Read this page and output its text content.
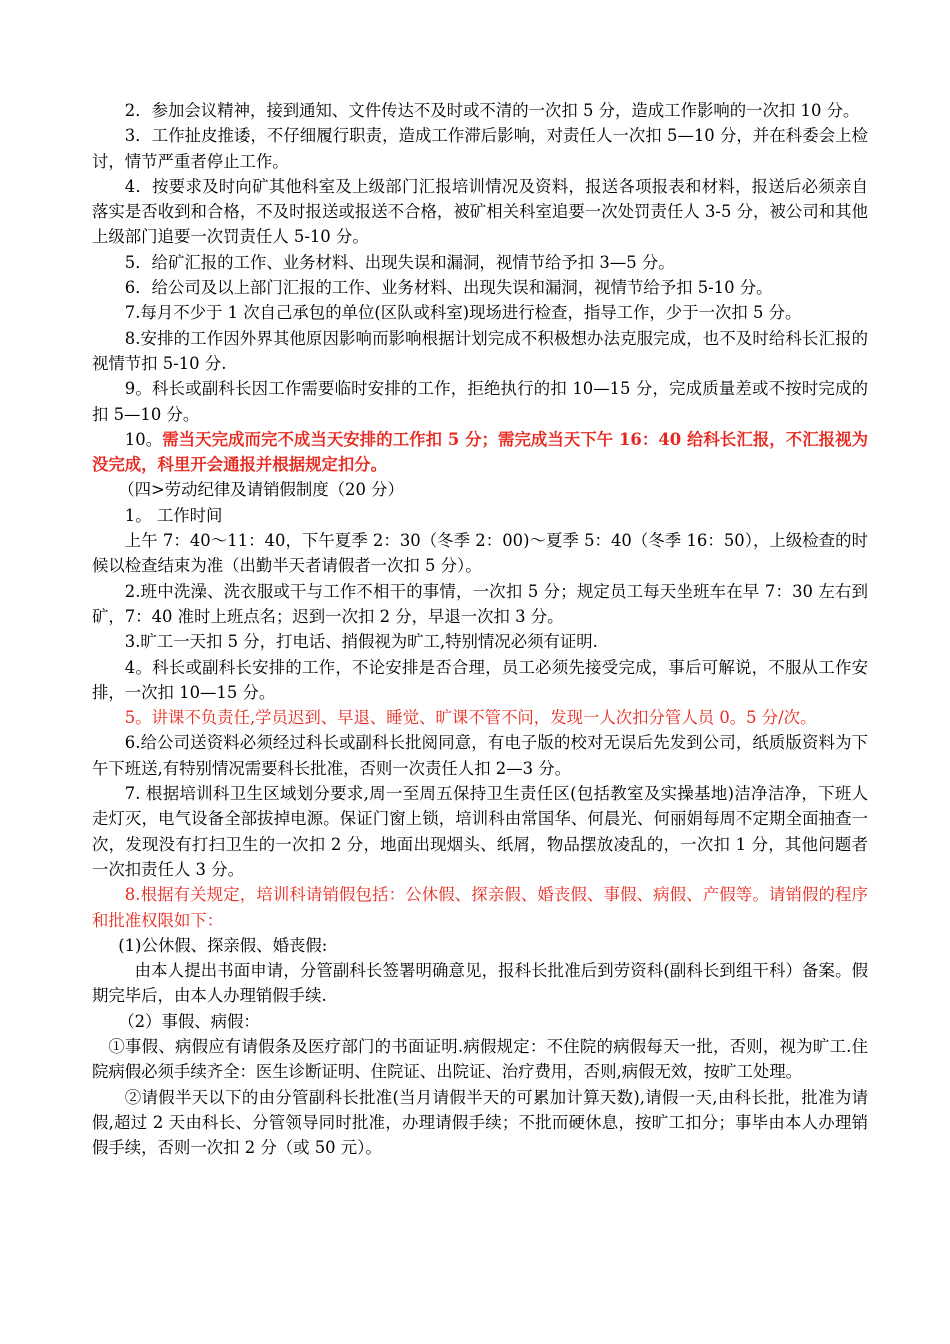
2．参加会议精神，接到通知、文件传达不及时或不清的一次扣 5 分，造成工作影响的一次扣 10 分。

3．工作扯皮推诿，不仔细履行职责，造成工作滞后影响，对责任人一次扣 5—10 分，并在科委会上检讨，情节严重者停止工作。

4．按要求及时向矿其他科室及上级部门汇报培训情况及资料，报送各项报表和材料，报送后必须亲自落实是否收到和合格，不及时报送或报送不合格，被矿相关科室追要一次处罚责任人 3-5 分，被公司和其他上级部门追要一次罚责任人 5-10 分。

5．给矿汇报的工作、业务材料、出现失误和漏洞，视情节给予扣 3—5 分。

6．给公司及以上部门汇报的工作、业务材料、出现失误和漏洞，视情节给予扣 5-10 分。

7.每月不少于 1 次自己承包的单位(区队或科室)现场进行检查，指导工作，少于一次扣 5 分。

8.安排的工作因外界其他原因影响而影响根据计划完成不积极想办法克服完成，也不及时给科长汇报的视情节扣 5-10 分.

9。科长或副科长因工作需要临时安排的工作，拒绝执行的扣 10—15 分，完成质量差或不按时完成的扣 5—10 分。

10。需当天完成而完不成当天安排的工作扣 5 分；需完成当天下午 16：40 给科长汇报，不汇报视为没完成，科里开会通报并根据规定扣分。

（四>劳动纪律及请销假制度（20 分）

1。 工作时间

上午 7：40～11：40，下午夏季 2：30（冬季 2：00)～夏季 5：40（冬季 16：50），上级检查的时候以检查结束为准（出勤半天者请假者一次扣 5 分）。

2.班中洗澡、洗衣服或干与工作不相干的事情，一次扣 5 分；规定员工每天坐班车在早 7：30 左右到矿，7：40 准时上班点名；迟到一次扣 2 分，早退一次扣 3 分。

3.旷工一天扣 5 分，打电话、捎假视为旷工,特别情况必须有证明.

4。科长或副科长安排的工作，不论安排是否合理，员工必须先接受完成，事后可解说，不服从工作安排，一次扣 10—15 分。

5。讲课不负责任,学员迟到、早退、睡觉、旷课不管不问，发现一人次扣分管人员 0。5 分/次。

6.给公司送资料必须经过科长或副科长批阅同意，有电子版的校对无误后先发到公司，纸质版资料为下午下班送,有特别情况需要科长批准，否则一次责任人扣 2—3 分。

7. 根据培训科卫生区域划分要求,周一至周五保持卫生责任区(包括教室及实操基地)洁净洁净，下班人走灯灭，电气设备全部拔掉电源。保证门窗上锁，培训科由常国华、何晨光、何丽娟每周不定期全面抽查一次，发现没有打扫卫生的一次扣 2 分，地面出现烟头、纸屑，物品摆放凌乱的，一次扣 1 分，其他问题者一次扣责任人 3 分。

8.根据有关规定，培训科请销假包括：公休假、探亲假、婚丧假、事假、病假、产假等。请销假的程序和批准权限如下：

(1)公休假、探亲假、婚丧假:

由本人提出书面申请，分管副科长签署明确意见，报科长批准后到劳资科(副科长到组干科）备案。假期完毕后，由本人办理销假手续.

（2）事假、病假：

①事假、病假应有请假条及医疗部门的书面证明.病假规定：不住院的病假每天一批，否则，视为旷工.住院病假必须手续齐全：医生诊断证明、住院证、出院证、治疗费用，否则,病假无效，按旷工处理。

②请假半天以下的由分管副科长批准(当月请假半天的可累加计算天数),请假一天,由科长批，批准为请假,超过 2 天由科长、分管领导同时批准，办理请假手续；不批而硬休息，按旷工扣分；事毕由本人办理销假手续，否则一次扣 2 分（或 50 元）。
